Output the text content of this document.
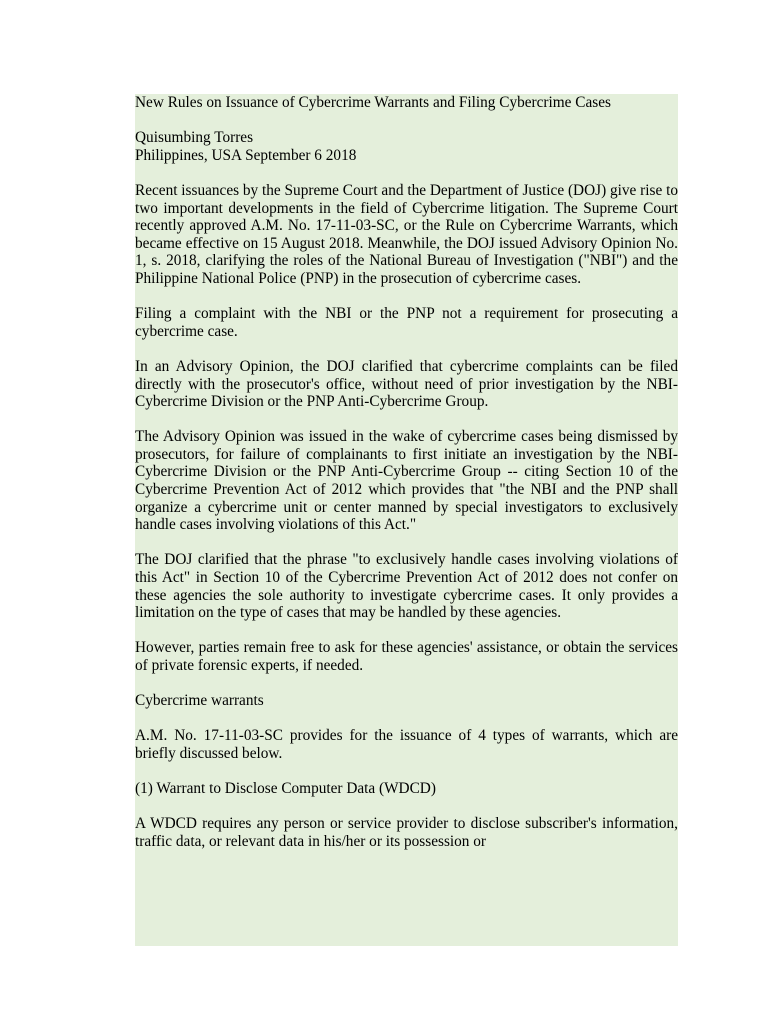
New Rules on Issuance of Cybercrime Warrants and Filing Cybercrime Cases

Quisumbing Torres
Philippines, USA September 6 2018

Recent issuances by the Supreme Court and the Department of Justice (DOJ) give rise to two important developments in the field of Cybercrime litigation. The Supreme Court recently approved A.M. No. 17-11-03-SC, or the Rule on Cybercrime Warrants, which became effective on 15 August 2018. Meanwhile, the DOJ issued Advisory Opinion No. 1, s. 2018, clarifying the roles of the National Bureau of Investigation ("NBI") and the Philippine National Police (PNP) in the prosecution of cybercrime cases.

Filing a complaint with the NBI or the PNP not a requirement for prosecuting a cybercrime case.

In an Advisory Opinion, the DOJ clarified that cybercrime complaints can be filed directly with the prosecutor's office, without need of prior investigation by the NBI-Cybercrime Division or the PNP Anti-Cybercrime Group.

The Advisory Opinion was issued in the wake of cybercrime cases being dismissed by prosecutors, for failure of complainants to first initiate an investigation by the NBI-Cybercrime Division or the PNP Anti-Cybercrime Group -- citing Section 10 of the Cybercrime Prevention Act of 2012 which provides that "the NBI and the PNP shall organize a cybercrime unit or center manned by special investigators to exclusively handle cases involving violations of this Act."

The DOJ clarified that the phrase "to exclusively handle cases involving violations of this Act" in Section 10 of the Cybercrime Prevention Act of 2012 does not confer on these agencies the sole authority to investigate cybercrime cases. It only provides a limitation on the type of cases that may be handled by these agencies.

However, parties remain free to ask for these agencies' assistance, or obtain the services of private forensic experts, if needed.

Cybercrime warrants

A.M. No. 17-11-03-SC provides for the issuance of 4 types of warrants, which are briefly discussed below.

(1) Warrant to Disclose Computer Data (WDCD)

A WDCD requires any person or service provider to disclose subscriber's information, traffic data, or relevant data in his/her or its possession or
